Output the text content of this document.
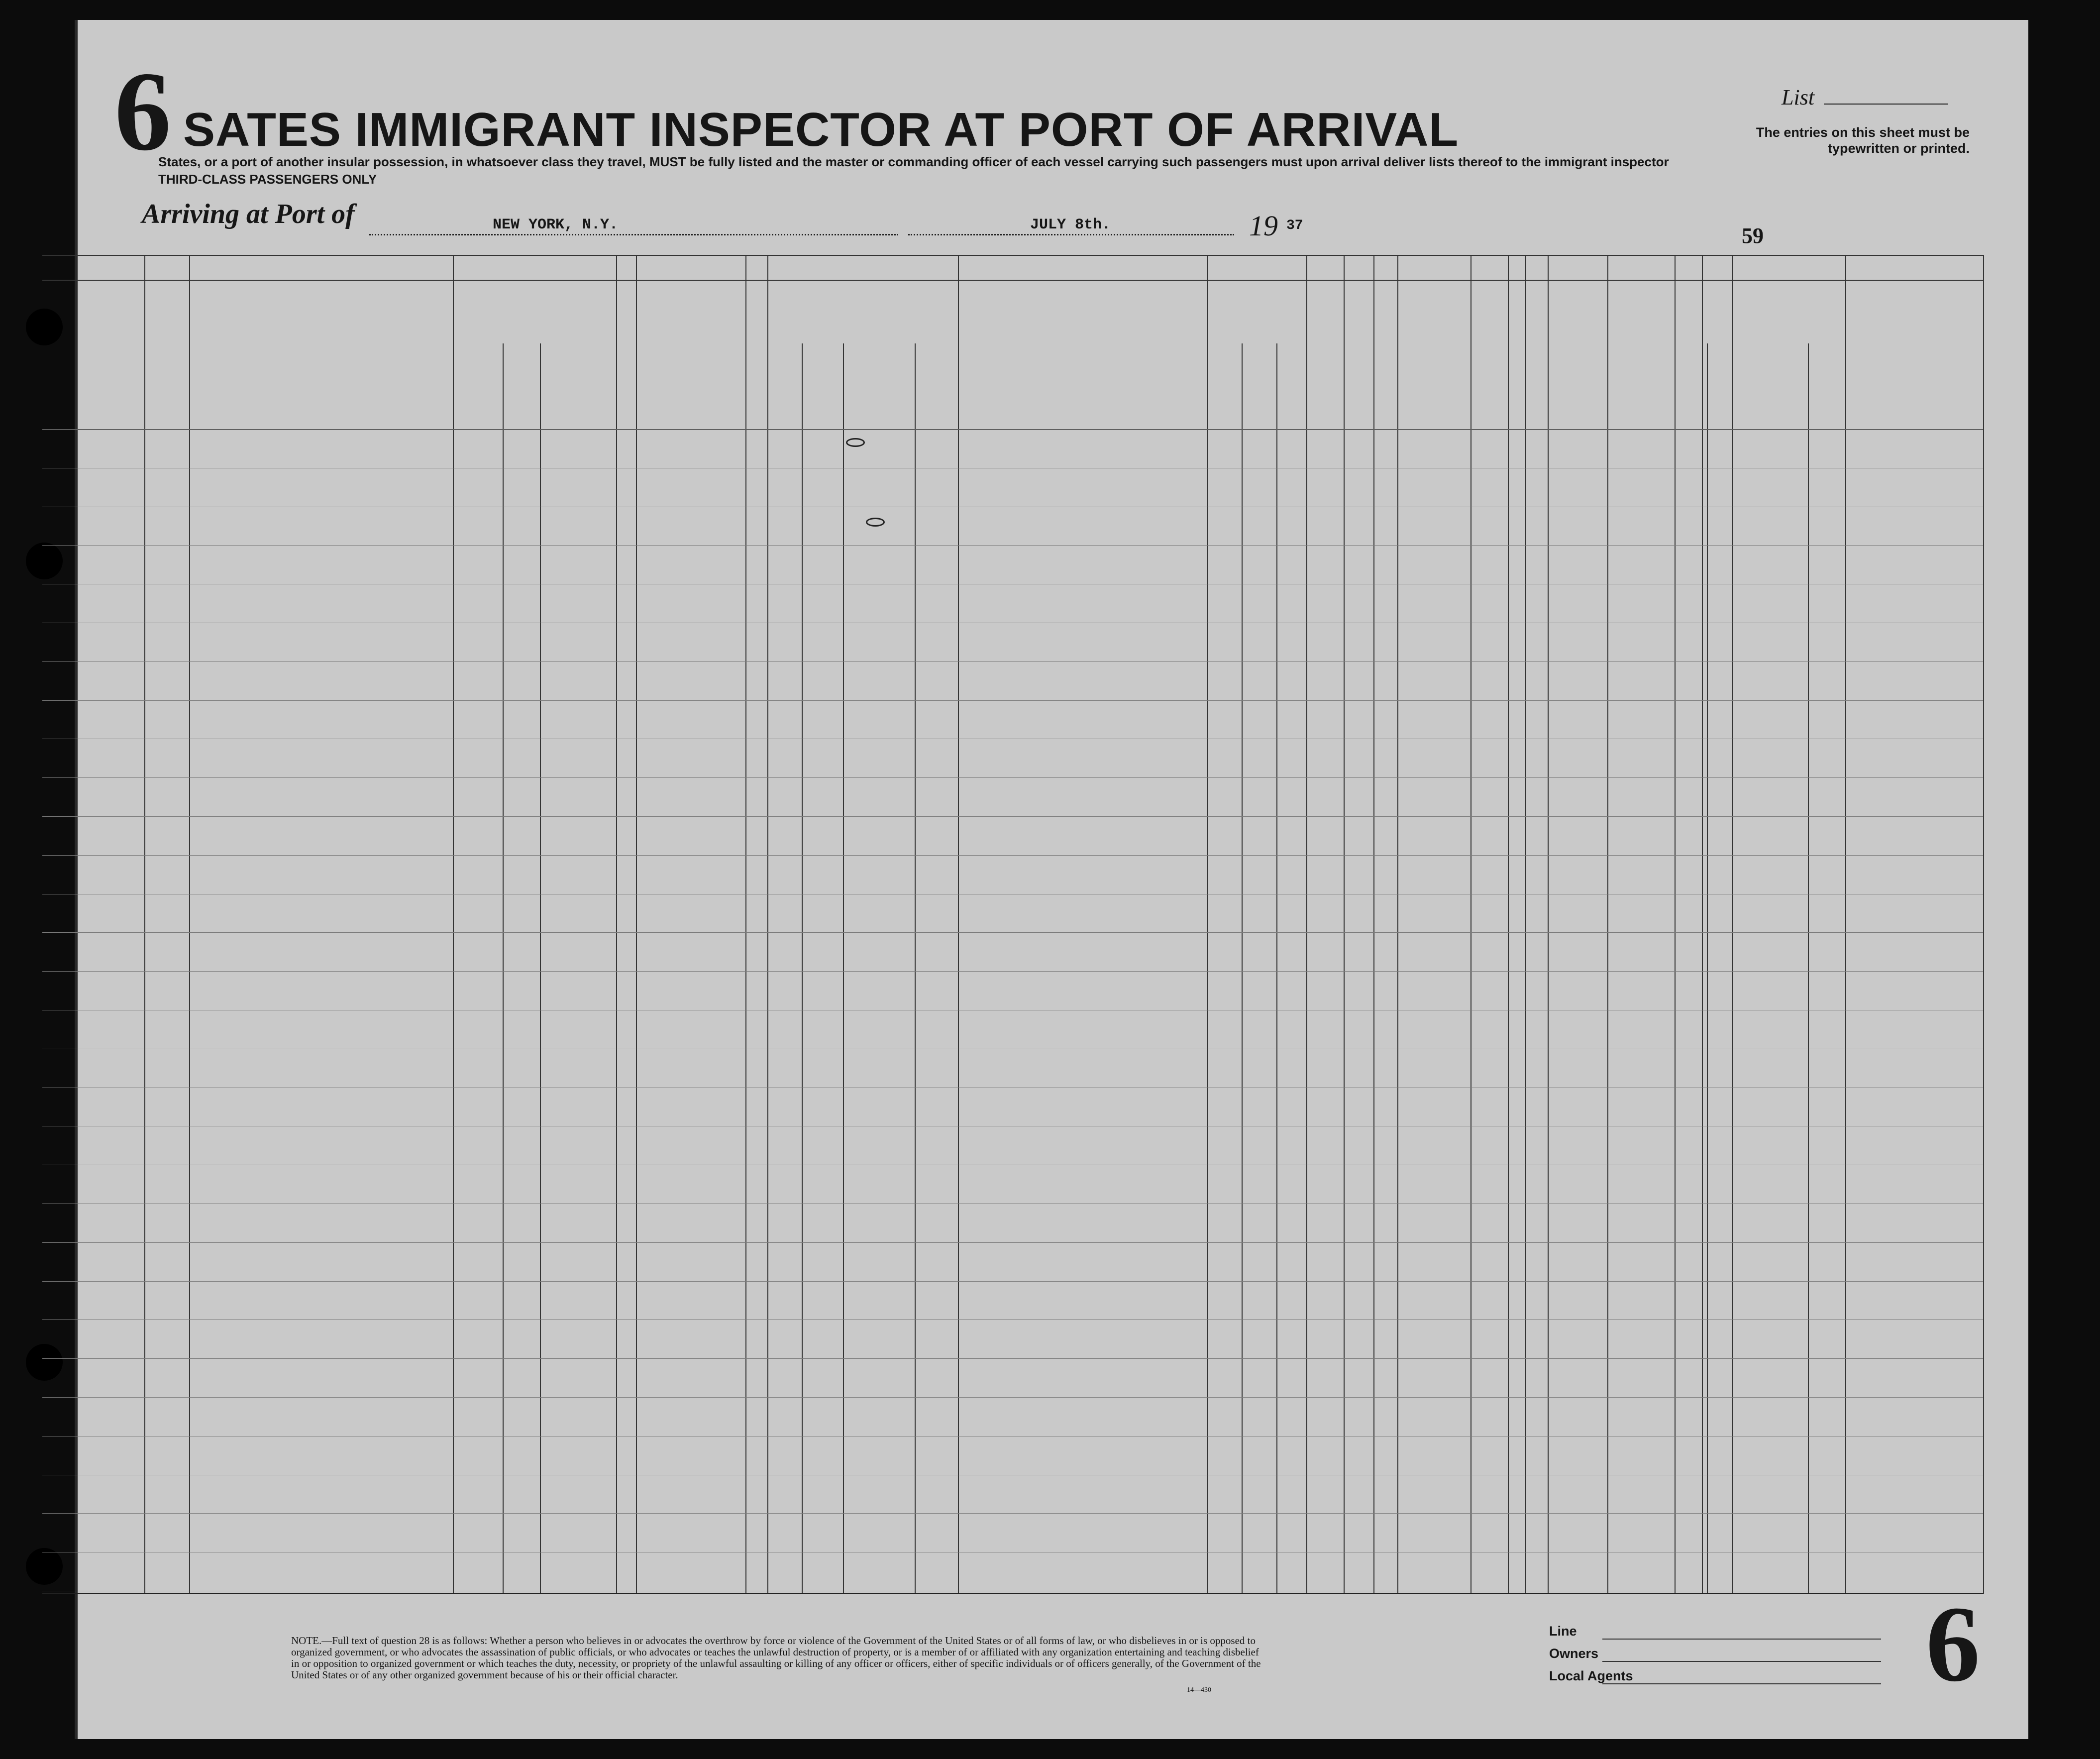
6 SATES IMMIGRANT INSPECTOR AT PORT OF ARRIVAL
States, or a port of another insular possession, in whatsoever class they travel, MUST be fully listed and the master or commanding officer of each vessel carrying such passengers must upon arrival deliver lists thereof to the immigrant inspector
THIRD-CLASS PASSENGERS ONLY
List
The entries on this sheet must be typewritten or printed.
Arriving at Port of	NEW YORK, N.Y.	JULY 8th.	19 37	59
NOTE.—Full text of question 28 is as follows: Whether a person who believes in or advocates the overthrow by force or violence of the Government of the United States or of all forms of law, or who disbelieves in or is opposed to organized government, or who advocates the assassination of public officials, or who advocates or teaches the unlawful destruction of property, or is a member of or affiliated with any organization entertaining and teaching disbelief in or opposition to organized government or which teaches the duty, necessity, or propriety of the unlawful assaulting or killing of any officer or officers, either of specific individuals or of officers generally, of the Government of the United States or of any other organized government because of his or their official character.
14—430
Line
Owners
Local Agents	6
